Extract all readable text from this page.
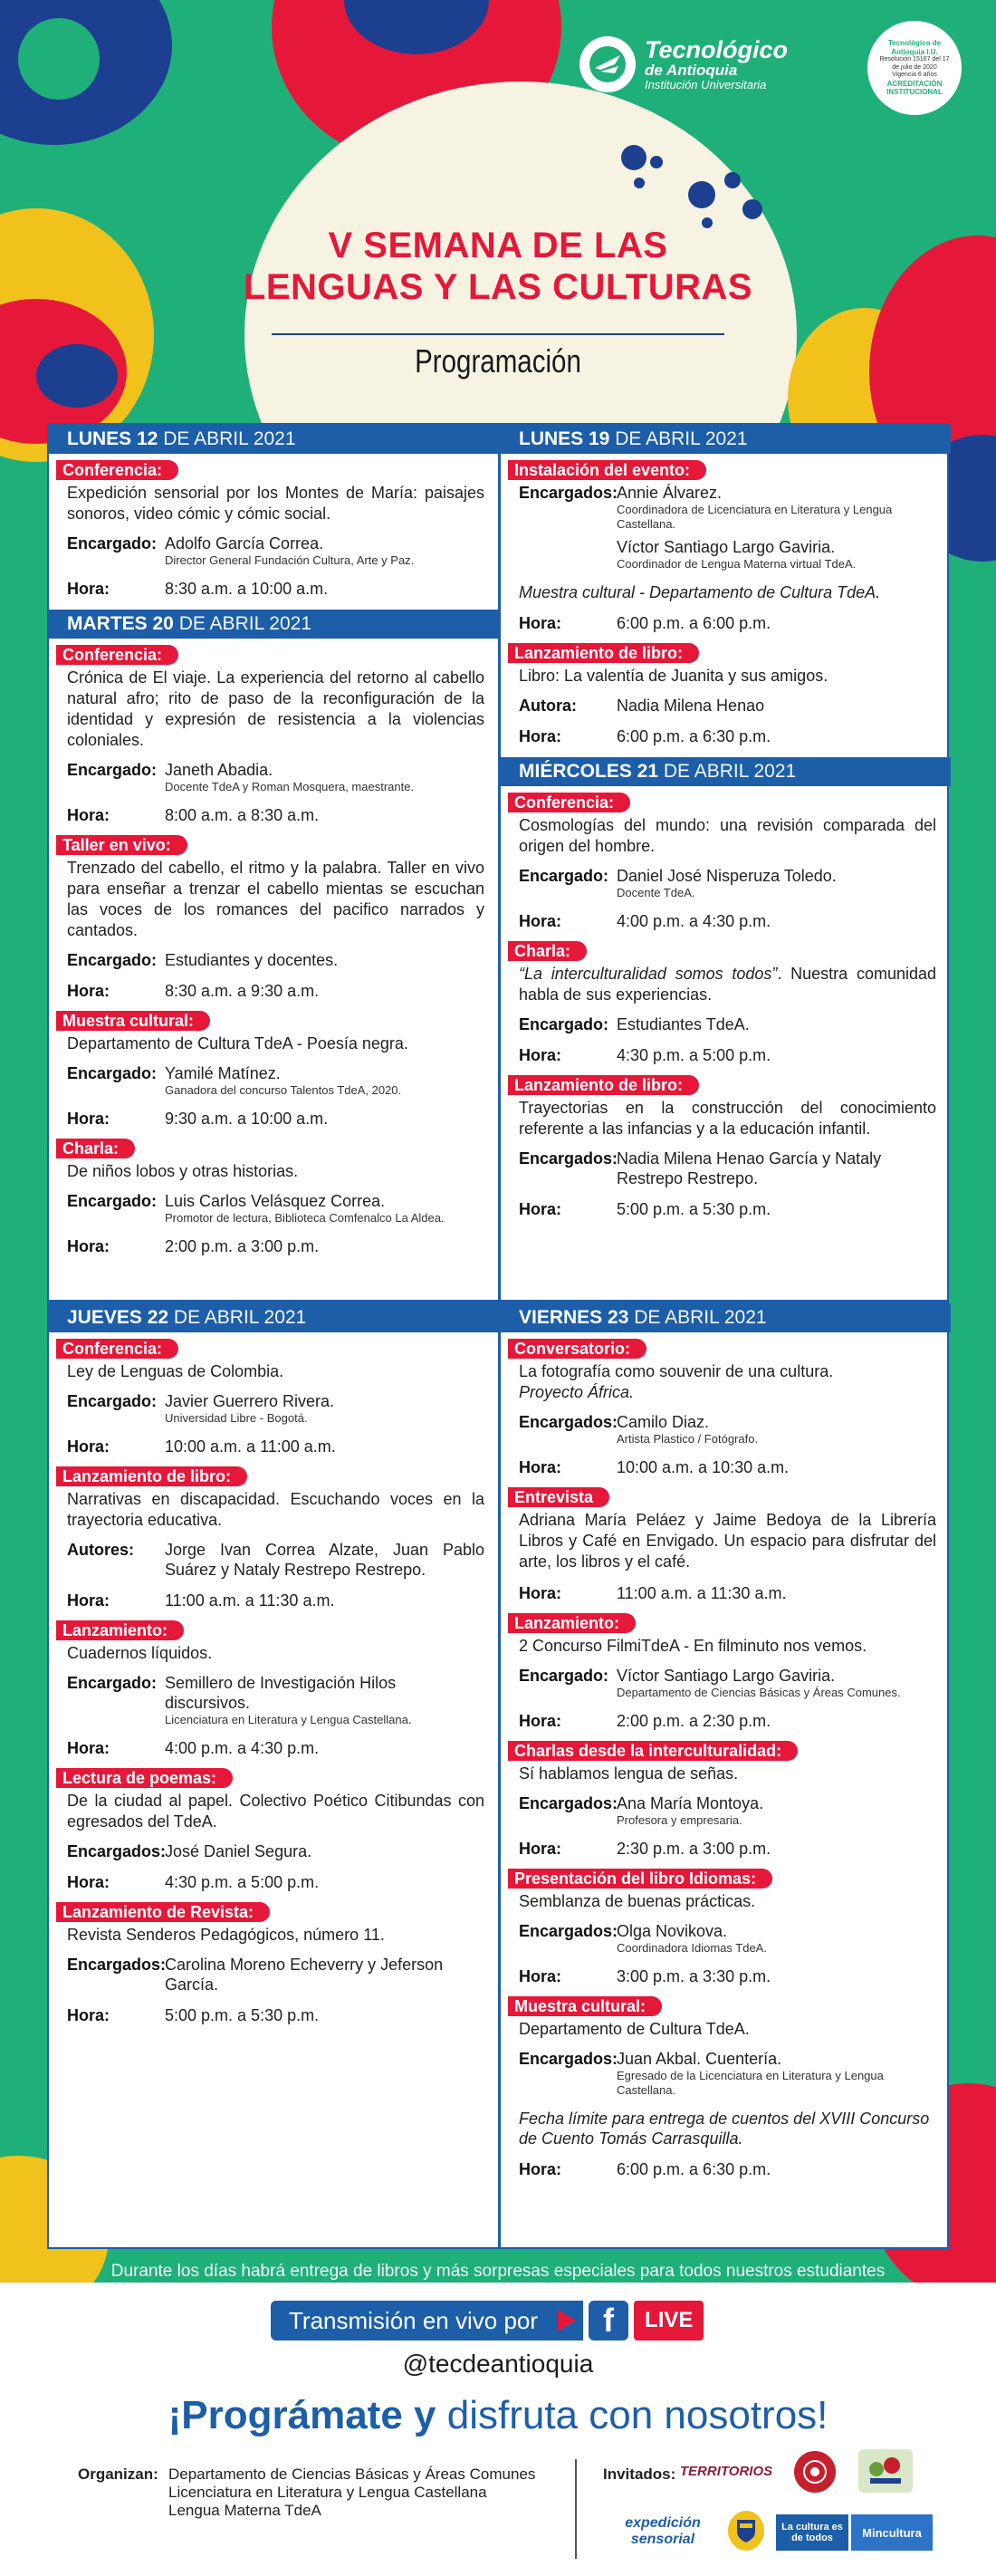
Tecnológico
de Antioquia
Institución Universitaria
Tecnológico de Antioquia I.U.
Resolución 15167 del 17 de julio de 2020
Vigencia 6 años
ACREDITACIÓN INSTITUCIONAL
V SEMANA DE LAS
LENGUAS Y LAS CULTURAS
Programación
LUNES 12 DE ABRIL 2021
Conferencia:
Expedición sensorial por los Montes de María: paisajes sonoros, video cómic y cómic social.
Encargado: Adolfo García Correa.
Director General Fundación Cultura, Arte y Paz.
Hora:	8:30 a.m. a 10:00 a.m.
MARTES 20 DE ABRIL 2021
Conferencia:
Crónica de El viaje. La experiencia del retorno al cabello natural afro; rito de paso de la reconfiguración de la identidad y expresión de resistencia a la violencias coloniales.
Encargado: Janeth Abadia.
Docente TdeA y Roman Mosquera, maestrante.
Hora:	8:00 a.m. a 8:30 a.m.
Taller en vivo:
Trenzado del cabello, el ritmo y la palabra. Taller en vivo para enseñar a trenzar el cabello mientas se escuchan las voces de los romances del pacifico narrados y cantados.
Encargado: Estudiantes y docentes.
Hora:	8:30 a.m. a 9:30 a.m.
Muestra cultural:
Departamento de Cultura TdeA - Poesía negra.
Encargado: Yamilé Matínez.
Ganadora del concurso Talentos TdeA, 2020.
Hora:	9:30 a.m. a 10:00 a.m.
Charla:
De niños lobos y otras historias.
Encargado: Luis Carlos Velásquez Correa.
Promotor de lectura, Biblioteca Comfenalco La Aldea.
Hora:	2:00 p.m. a 3:00 p.m.
LUNES 19 DE ABRIL 2021
Instalación del evento:
Encargados:
Annie Álvarez.
Coordinadora de Licenciatura en Literatura y Lengua Castellana.
Víctor Santiago Largo Gaviria.
Coordinador de Lengua Materna virtual TdeA.
Muestra cultural - Departamento de Cultura TdeA.
Hora:	6:00 p.m. a 6:00 p.m.
Lanzamiento de libro:
Libro: La valentía de Juanita y sus amigos.
Autora:	Nadia Milena Henao
Hora:	6:00 p.m. a 6:30 p.m.
MIÉRCOLES 21 DE ABRIL 2021
Conferencia:
Cosmologías del mundo: una revisión comparada del origen del hombre.
Encargado: Daniel José Nisperuza Toledo.
Docente TdeA.
Hora:	4:00 p.m. a 4:30 p.m.
Charla:
“La interculturalidad somos todos”. Nuestra comunidad habla de sus experiencias.
Encargado: Estudiantes TdeA.
Hora:	4:30 p.m. a 5:00 p.m.
Lanzamiento de libro:
Trayectorias en la construcción del conocimiento referente a las infancias y a la educación infantil.
Encargados:
Nadia Milena Henao García y Nataly Restrepo Restrepo.
Hora:	5:00 p.m. a 5:30 p.m.
JUEVES 22 DE ABRIL 2021
Conferencia:
Ley de Lenguas de Colombia.
Encargado: Javier Guerrero Rivera.
Universidad Libre - Bogotá.
Hora:	10:00 a.m. a 11:00 a.m.
Lanzamiento de libro:
Narrativas en discapacidad. Escuchando voces en la trayectoria educativa.
Autores:	Jorge Ivan Correa Alzate, Juan Pablo Suárez y Nataly Restrepo Restrepo.
Hora:	11:00 a.m. a 11:30 a.m.
Lanzamiento:
Cuadernos líquidos.
Encargado: Semillero de Investigación Hilos discursivos.
Licenciatura en Literatura y Lengua Castellana.
Hora:	4:00 p.m. a 4:30 p.m.
Lectura de poemas:
De la ciudad al papel. Colectivo Poético Citibundas con egresados del TdeA.
Encargados:
José Daniel Segura.
Hora:	4:30 p.m. a 5:00 p.m.
Lanzamiento de Revista:
Revista Senderos Pedagógicos, número 11.
Encargados:
Carolina Moreno Echeverry y Jeferson García.
Hora:	5:00 p.m. a 5:30 p.m.
VIERNES 23 DE ABRIL 2021
Conversatorio:
La fotografía como souvenir de una cultura.
Proyecto África.
Encargados:
Camilo Diaz.
Artista Plastico / Fotógrafo.
Hora:	10:00 a.m. a 10:30 a.m.
Entrevista
Adriana María Peláez y Jaime Bedoya de la Librería Libros y Café en Envigado. Un espacio para disfrutar del arte, los libros y el café.
Hora:	11:00 a.m. a 11:30 a.m.
Lanzamiento:
2 Concurso FilmiTdeA - En filminuto nos vemos.
Encargado: Víctor Santiago Largo Gaviria.
Departamento de Ciencias Básicas y Áreas Comunes.
Hora:	2:00 p.m. a 2:30 p.m.
Charlas desde la interculturalidad:
Sí hablamos lengua de señas.
Encargados:
Ana María Montoya.
Profesora y empresaria.
Hora:	2:30 p.m. a 3:00 p.m.
Presentación del libro Idiomas:
Semblanza de buenas prácticas.
Encargados:
Olga Novikova.
Coordinadora Idiomas TdeA.
Hora:	3:00 p.m. a 3:30 p.m.
Muestra cultural:
Departamento de Cultura TdeA.
Encargados:
Juan Akbal. Cuentería.
Egresado de la Licenciatura en Literatura y Lengua Castellana.
Fecha límite para entrega de cuentos del XVIII Concurso de Cuento Tomás Carrasquilla.
Hora:	6:00 p.m. a 6:30 p.m.
Durante los días habrá entrega de libros y más sorpresas especiales para todos nuestros estudiantes
Transmisión en vivo por	f	LIVE
@tecdeantioquia
¡Prográmate y disfruta con nosotros!
Organizan: Departamento de Ciencias Básicas y Áreas Comunes
Licenciatura en Literatura y Lengua Castellana
Lengua Materna TdeA
Invitados: TERRITORIOS
expedición sensorial
La cultura es de todos	Mincultura
